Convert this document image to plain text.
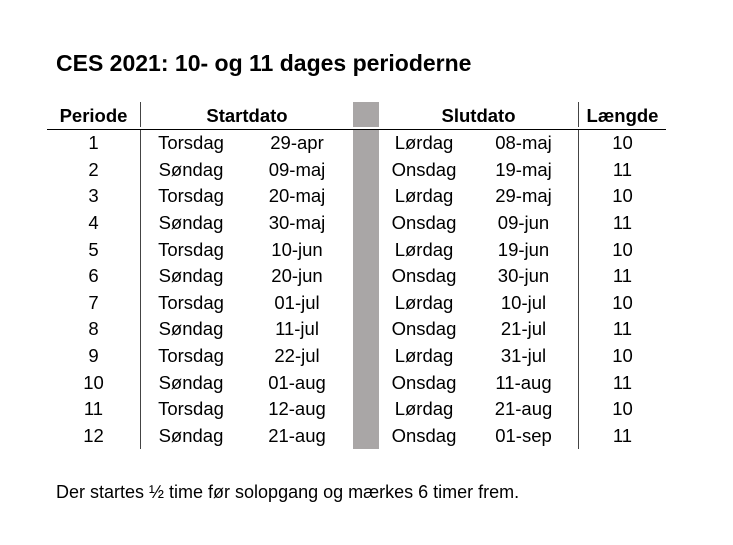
CES 2021: 10- og 11 dages perioderne
Periode	Startdato	Slutdato	Længde
1	Torsdag	29-apr	Lørdag	08-maj	10
2	Søndag	09-maj	Onsdag	19-maj	11
3	Torsdag	20-maj	Lørdag	29-maj	10
4	Søndag	30-maj	Onsdag	09-jun	11
5	Torsdag	10-jun	Lørdag	19-jun	10
6	Søndag	20-jun	Onsdag	30-jun	11
7	Torsdag	01-jul	Lørdag	10-jul	10
8	Søndag	11-jul	Onsdag	21-jul	11
9	Torsdag	22-jul	Lørdag	31-jul	10
10	Søndag	01-aug	Onsdag	11-aug	11
11	Torsdag	12-aug	Lørdag	21-aug	10
12	Søndag	21-aug	Onsdag	01-sep	11
Der startes ½ time før solopgang og mærkes 6 timer frem.
